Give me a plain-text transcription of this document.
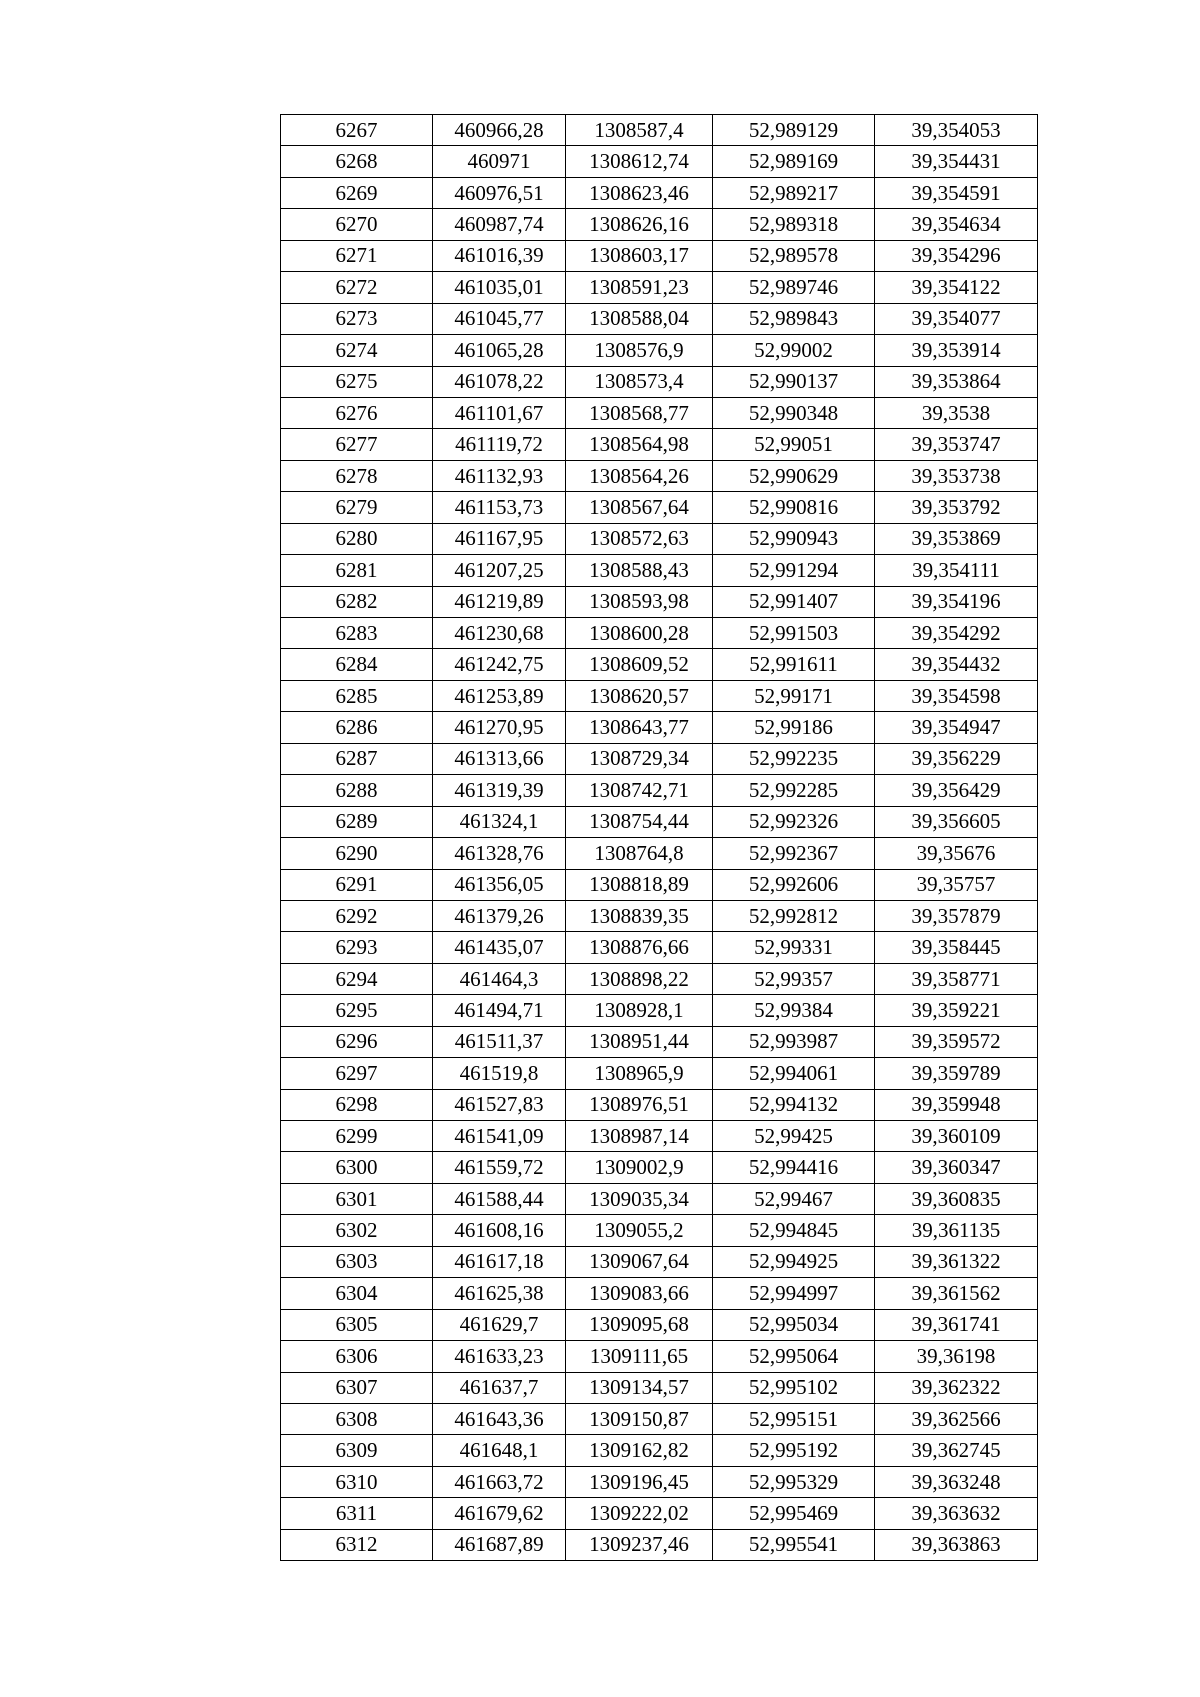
6267	460966,28	1308587,4	52,989129	39,354053
6268	460971	1308612,74	52,989169	39,354431
6269	460976,51	1308623,46	52,989217	39,354591
6270	460987,74	1308626,16	52,989318	39,354634
6271	461016,39	1308603,17	52,989578	39,354296
6272	461035,01	1308591,23	52,989746	39,354122
6273	461045,77	1308588,04	52,989843	39,354077
6274	461065,28	1308576,9	52,99002	39,353914
6275	461078,22	1308573,4	52,990137	39,353864
6276	461101,67	1308568,77	52,990348	39,3538
6277	461119,72	1308564,98	52,99051	39,353747
6278	461132,93	1308564,26	52,990629	39,353738
6279	461153,73	1308567,64	52,990816	39,353792
6280	461167,95	1308572,63	52,990943	39,353869
6281	461207,25	1308588,43	52,991294	39,354111
6282	461219,89	1308593,98	52,991407	39,354196
6283	461230,68	1308600,28	52,991503	39,354292
6284	461242,75	1308609,52	52,991611	39,354432
6285	461253,89	1308620,57	52,99171	39,354598
6286	461270,95	1308643,77	52,99186	39,354947
6287	461313,66	1308729,34	52,992235	39,356229
6288	461319,39	1308742,71	52,992285	39,356429
6289	461324,1	1308754,44	52,992326	39,356605
6290	461328,76	1308764,8	52,992367	39,35676
6291	461356,05	1308818,89	52,992606	39,35757
6292	461379,26	1308839,35	52,992812	39,357879
6293	461435,07	1308876,66	52,99331	39,358445
6294	461464,3	1308898,22	52,99357	39,358771
6295	461494,71	1308928,1	52,99384	39,359221
6296	461511,37	1308951,44	52,993987	39,359572
6297	461519,8	1308965,9	52,994061	39,359789
6298	461527,83	1308976,51	52,994132	39,359948
6299	461541,09	1308987,14	52,99425	39,360109
6300	461559,72	1309002,9	52,994416	39,360347
6301	461588,44	1309035,34	52,99467	39,360835
6302	461608,16	1309055,2	52,994845	39,361135
6303	461617,18	1309067,64	52,994925	39,361322
6304	461625,38	1309083,66	52,994997	39,361562
6305	461629,7	1309095,68	52,995034	39,361741
6306	461633,23	1309111,65	52,995064	39,36198
6307	461637,7	1309134,57	52,995102	39,362322
6308	461643,36	1309150,87	52,995151	39,362566
6309	461648,1	1309162,82	52,995192	39,362745
6310	461663,72	1309196,45	52,995329	39,363248
6311	461679,62	1309222,02	52,995469	39,363632
6312	461687,89	1309237,46	52,995541	39,363863
